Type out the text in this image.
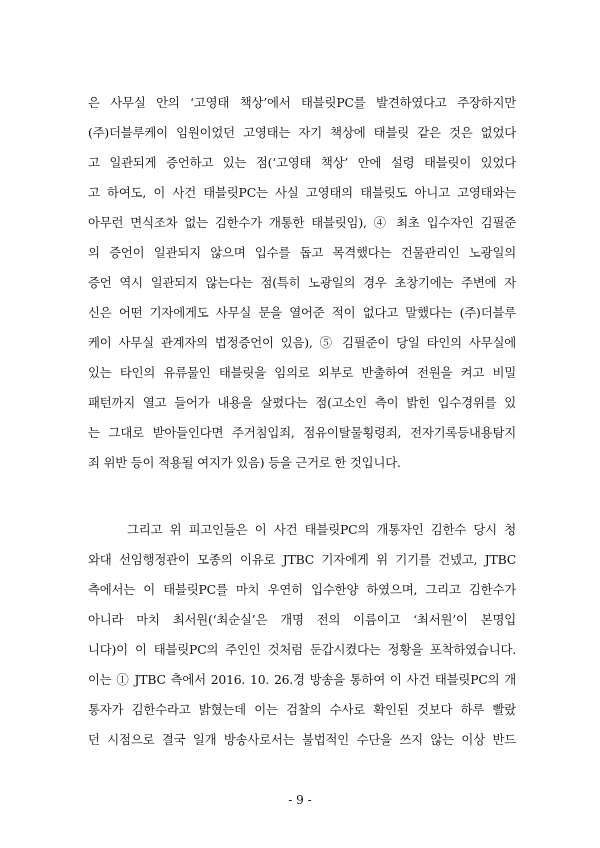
은 사무실 안의 ‘고영태 책상’에서 태블릿PC를 발견하였다고 주장하지만
(주)더블루케이 임원이었던 고영태는 자기 책상에 태블릿 같은 것은 없었다
고 일관되게 증언하고 있는 점(‘고영태 책상’ 안에 설령 태블릿이 있었다
고 하여도, 이 사건 태블릿PC는 사실 고영태의 태블릿도 아니고 고영태와는
아무런 면식조차 없는 김한수가 개통한 태블릿임), ④ 최초 입수자인 김필준
의 증언이 일관되지 않으며 입수를 돕고 목격했다는 건물관리인 노광일의
증언 역시 일관되지 않는다는 점(특히 노광일의 경우 초창기에는 주변에 자
신은 어떤 기자에게도 사무실 문을 열어준 적이 없다고 말했다는 (주)더블루
케이 사무실 관계자의 법정증언이 있음), ⑤ 김필준이 당일 타인의 사무실에
있는 타인의 유류물인 태블릿을 임의로 외부로 반출하여 전원을 켜고 비밀
패턴까지 열고 들어가 내용을 살폈다는 점(고소인 측이 밝힌 입수경위를 있
는 그대로 받아들인다면 주거침입죄, 점유이탈물횡령죄, 전자기록등내용탐지
죄 위반 등이 적용될 여지가 있음) 등을 근거로 한 것입니다.
그리고 위 피고인들은 이 사건 태블릿PC의 개통자인 김한수 당시 청
와대 선임행정관이 모종의 이유로 JTBC 기자에게 위 기기를 건넸고, JTBC
측에서는 이 태블릿PC를 마치 우연히 입수한양 하였으며, 그리고 김한수가
아니라 마치 최서원(‘최순실’은 개명 전의 이름이고 ‘최서원’이 본명입
니다)이 이 태블릿PC의 주인인 것처럼 둔갑시켰다는 정황을 포착하였습니다.
이는 ① JTBC 측에서 2016. 10. 26.경 방송을 통하여 이 사건 태블릿PC의 개
통자가 김한수라고 밝혔는데 이는 검찰의 수사로 확인된 것보다 하루 빨랐
던 시점으로 결국 일개 방송사로서는 불법적인 수단을 쓰지 않는 이상 반드
- 9 -
